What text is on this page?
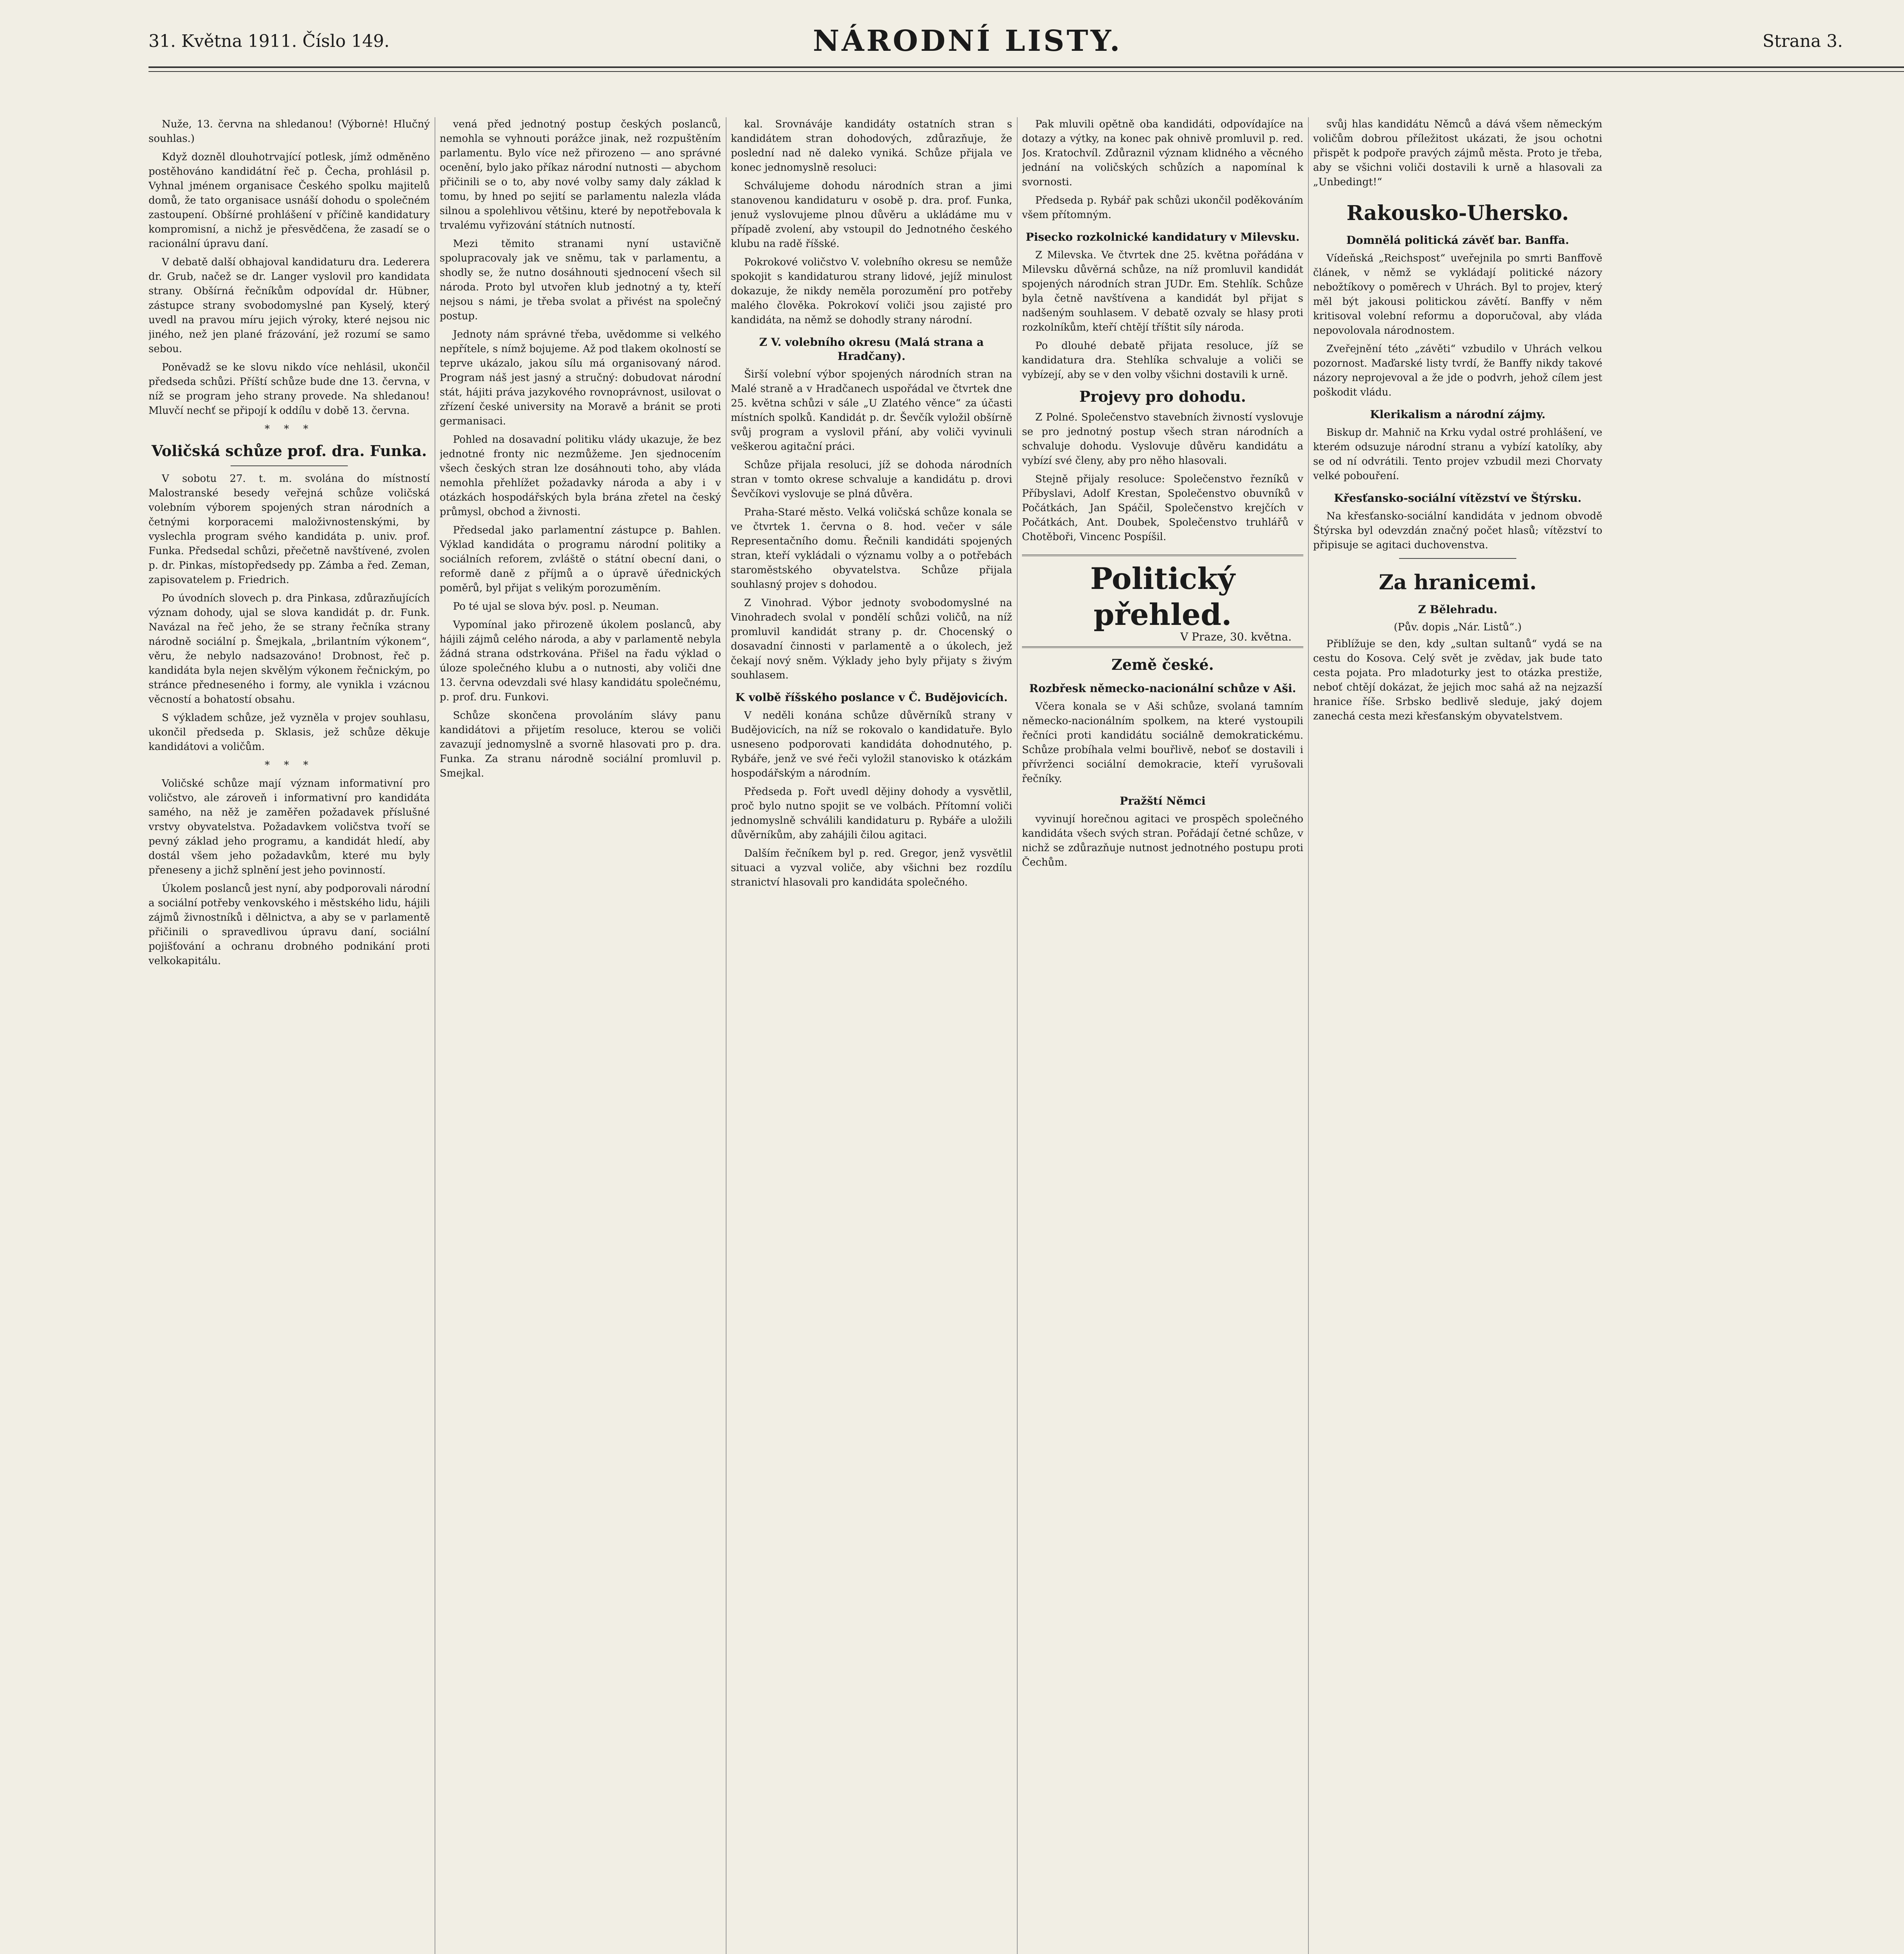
31. Května 1911. Číslo 149.	NÁRODNÍ LISTY.	Strana 3.

Nuže, 13. června na shledanou! (Výbornė! Hlučný souhlas.)

Když dozněl dlouhotrvající potlesk, jímž odměněno postěhováno kandidátní řeč p. Čecha, prohlásil p. Vyhnal jménem organisace Českého spolku majitelů domů, že tato organisace usnáší dohodu o společném zastoupení. Obšírné prohlášení v příčině kandidatury kompromisní, a nichž je přesvědčena, že zasadí se o racionální úpravu daní.

V debatě další obhajoval kandidaturu dra. Lederera dr. Grub, načež se dr. Langer vyslovil pro kandidata strany. Obšírná řečníkům odpovídal dr. Hübner, zástupce strany svobodomyslné pan Kyselý, který uvedl na pravou míru jejich výroky, které nejsou nic jiného, než jen plané frázování, jež rozumí se samo sebou.

Poněvadž se ke slovu nikdo více nehlásil, ukončil předseda schůzi. Příští schůze bude dne 13. června, v níž se program jeho strany provede. Na shledanou! Mluvčí nechť se připojí k oddílu v době 13. června.

* * *
Voličská schůze prof. dra. Funka.

V sobotu 27. t. m. svolána do místností Malostranské besedy veřejná schůze voličská volebním výborem spojených stran národních a četnými korporacemi maloživnostenskými, by vyslechla program svého kandidáta p. univ. prof. Funka. Předsedal schůzi, přečetně navštívené, zvolen p. dr. Pinkas, místopředsedy pp. Zámba a řed. Zeman, zapisovatelem p. Friedrich.

Po úvodních slovech p. dra Pinkasa, zdůrazňujících význam dohody, ujal se slova kandidát p. dr. Funk. Navázal na řeč jeho, že se strany řečníka strany národně sociální p. Šmejkala, „brilantním výkonem“, věru, že nebylo nadsazováno! Drobnost, řeč p. kandidáta byla nejen skvělým výkonem řečnickým, po stránce předneseného i formy, ale vynikla i vzácnou věcností a bohatostí obsahu.

S výkladem schůze, jež vyzněla v projev souhlasu, ukončil předseda p. Sklasis, jež schůze děkuje kandidátovi a voličům.

* * *

Voličské schůze mají význam informativní pro voličstvo, ale zároveň i informativní pro kandidáta samého, na něž je zaměřen požadavek příslušné vrstvy obyvatelstva. Požadavkem voličstva tvoří se pevný základ jeho programu, a kandidát hledí, aby dostál všem jeho požadavkům, které mu byly přeneseny a jichž splnění jest jeho povinností.

Úkolem poslanců jest nyní, aby podporovali národní a sociální potřeby venkovského i městského lidu, hájili zájmů živnostníků i dělnictva, a aby se v parlamentě přičinili o spravedlivou úpravu daní, sociální pojišťování a ochranu drobného podnikání proti velkokapitálu.

vená před jednotný postup českých poslanců, nemohla se vyhnouti porážce jinak, než rozpuštěním parlamentu. Bylo více než přirozeno — ano správné ocenění, bylo jako příkaz národní nutnosti — abychom přičinili se o to, aby nové volby samy daly základ k tomu, by hned po sejití se parlamentu nalezla vláda silnou a spolehlivou většinu, které by nepotřebovala k trvalému vyřizování státních nutností.

Mezi těmito stranami nyní ustavičně spolupracovaly jak ve sněmu, tak v parlamentu, a shodly se, že nutno dosáhnouti sjednocení všech sil národa. Proto byl utvořen klub jednotný a ty, kteří nejsou s námi, je třeba svolat a přivést na společný postup.

Jednoty nám správné třeba, uvědomme si velkého nepřítele, s nímž bojujeme. Až pod tlakem okolností se teprve ukázalo, jakou sílu má organisovaný národ. Program náš jest jasný a stručný: dobudovat národní stát, hájiti práva jazykového rovnoprávnost, usilovat o zřízení české university na Moravě a bránit se proti germanisaci.

Pohled na dosavadní politiku vlády ukazuje, že bez jednotné fronty nic nezmůžeme. Jen sjednocením všech českých stran lze dosáhnouti toho, aby vláda nemohla přehlížet požadavky národa a aby i v otázkách hospodářských byla brána zřetel na český průmysl, obchod a živnosti.

Předsedal jako parlamentní zástupce p. Bahlen. Výklad kandidáta o programu národní politiky a sociálních reforem, zvláště o státní obecní dani, o reformě daně z příjmů a o úpravě úřednických poměrů, byl přijat s velikým porozuměním.

Po té ujal se slova býv. posl. p. Neuman.

Vypomínal jako přirozeně úkolem poslanců, aby hájili zájmů celého národa, a aby v parlamentě nebyla žádná strana odstrkována. Přišel na řadu výklad o úloze společného klubu a o nutnosti, aby voliči dne 13. června odevzdali své hlasy kandidátu společnému, p. prof. dru. Funkovi.

Schůze skončena provoláním slávy panu kandidátovi a přijetím resoluce, kterou se voliči zavazují jednomyslně a svorně hlasovati pro p. dra. Funka. Za stranu národně sociální promluvil p. Smejkal.

kal. Srovnáváje kandidáty ostatních stran s kandidátem stran dohodových, zdůrazňuje, že poslední nad ně daleko vyniká. Schůze přijala ve konec jednomyslně resoluci:

Schválujeme dohodu národních stran a jimi stanovenou kandidaturu v osobě p. dra. prof. Funka, jenuž vyslovujeme plnou důvěru a ukládáme mu v případě zvolení, aby vstoupil do Jednotného českého klubu na radě říšské.

Pokrokové voličstvo V. volebního okresu se nemůže spokojit s kandidaturou strany lidové, jejíž minulost dokazuje, že nikdy neměla porozumění pro potřeby malého člověka. Pokrokoví voliči jsou zajisté pro kandidáta, na němž se dohodly strany národní.

Z V. volebního okresu (Malá strana a Hradčany).

Širší volební výbor spojených národních stran na Malé straně a v Hradčanech uspořádal ve čtvrtek dne 25. května schůzi v sále „U Zlatého věnce“ za účasti místních spolků. Kandidát p. dr. Ševčík vyložil obšírně svůj program a vyslovil přání, aby voliči vyvinuli veškerou agitační práci.

Schůze přijala resoluci, jíž se dohoda národních stran v tomto okrese schvaluje a kandidátu p. drovi Ševčíkovi vyslovuje se plná důvěra.

Praha-Staré město. Velká voličská schůze konala se ve čtvrtek 1. června o 8. hod. večer v sále Representačního domu. Řečnili kandidáti spojených stran, kteří vykládali o významu volby a o potřebách staroměstského obyvatelstva. Schůze přijala souhlasný projev s dohodou.

Z Vinohrad. Výbor jednoty svobodomyslné na Vinohradech svolal v pondělí schůzi voličů, na níž promluvil kandidát strany p. dr. Chocenský o dosavadní činnosti v parlamentě a o úkolech, jež čekají nový sněm. Výklady jeho byly přijaty s živým souhlasem.

K volbě říšského poslance v Č. Budějovicích.

V neděli konána schůze důvěrníků strany v Budějovicích, na níž se rokovalo o kandidatuře. Bylo usneseno podporovati kandidáta dohodnutého, p. Rybáře, jenž ve své řeči vyložil stanovisko k otázkám hospodářským a národním.

Předseda p. Fořt uvedl dějiny dohody a vysvětlil, proč bylo nutno spojit se ve volbách. Přítomní voliči jednomyslně schválili kandidaturu p. Rybáře a uložili důvěrníkům, aby zahájili čilou agitaci.

Dalším řečníkem byl p. red. Gregor, jenž vysvětlil situaci a vyzval voliče, aby všichni bez rozdílu stranictví hlasovali pro kandidáta společného.

Pak mluvili opětně oba kandidáti, odpovídajíce na dotazy a výtky, na konec pak ohnivě promluvil p. red. Jos. Kratochvíl. Zdůraznil význam klidného a věcného jednání na voličských schůzích a napomínal k svornosti.

Předseda p. Rybář pak schůzi ukončil poděkováním všem přítomným.

Pisecko rozkolnické kandidatury v Milevsku.

Z Milevska. Ve čtvrtek dne 25. května pořádána v Milevsku důvěrná schůze, na níž promluvil kandidát spojených národních stran JUDr. Em. Stehlík. Schůze byla četně navštívena a kandidát byl přijat s nadšeným souhlasem. V debatě ozvaly se hlasy proti rozkolníkům, kteří chtějí tříštit síly národa.

Po dlouhé debatě přijata resoluce, jíž se kandidatura dra. Stehlíka schvaluje a voliči se vybízejí, aby se v den volby všichni dostavili k urně.

Projevy pro dohodu.

Z Polné. Společenstvo stavebních živností vyslovuje se pro jednotný postup všech stran národních a schvaluje dohodu. Vyslovuje důvěru kandidátu a vybízí své členy, aby pro něho hlasovali.

Stejně přijaly resoluce: Společenstvo řezníků v Příbyslavi, Adolf Krestan, Společenstvo obuvníků v Počátkách, Jan Spáčil, Společenstvo krejčích v Počátkách, Ant. Doubek, Společenstvo truhlářů v Chotěboři, Vincenc Pospíšil.

Politický přehled.
V Praze, 30. května.
Země české.
Rozbřesk německo-nacionální schůze v Aši.

Včera konala se v Aši schůze, svolaná tamním německo-nacionálním spolkem, na které vystoupili řečníci proti kandidátu sociálně demokratickému. Schůze probíhala velmi bouřlivě, neboť se dostavili i přívrženci sociální demokracie, kteří vyrušovali řečníky.

Pražští Němci

vyvinují horečnou agitaci ve prospěch společného kandidáta všech svých stran. Pořádají četné schůze, v nichž se zdůrazňuje nutnost jednotného postupu proti Čechům.

svůj hlas kandidátu Němců a dává všem německým voličům dobrou příležitost ukázati, že jsou ochotni přispět k podpoře pravých zájmů města. Proto je třeba, aby se všichni voliči dostavili k urně a hlasovali za „Unbedingt!“

Rakousko-Uhersko.
Domnělá politická závěť bar. Banffa.

Vídeňská „Reichspost“ uveřejnila po smrti Banffově článek, v němž se vykládají politické názory nebožtíkovy o poměrech v Uhrách. Byl to projev, který měl být jakousi politickou závětí. Banffy v něm kritisoval volební reformu a doporučoval, aby vláda nepovolovala národnostem.

Zveřejnění této „závěti“ vzbudilo v Uhrách velkou pozornost. Maďarské listy tvrdí, že Banffy nikdy takové názory neprojevoval a že jde o podvrh, jehož cílem jest poškodit vládu.

Klerikalism a národní zájmy.

Biskup dr. Mahnič na Krku vydal ostré prohlášení, ve kterém odsuzuje národní stranu a vybízí katolíky, aby se od ní odvrátili. Tento projev vzbudil mezi Chorvaty velké pobouření.

Křesťansko-sociální vítězství ve Štýrsku.

Na křesťansko-sociální kandidáta v jednom obvodě Štýrska byl odevzdán značný počet hlasů; vítězství to připisuje se agitaci duchovenstva.

Za hranicemi.
Z Bělehradu.
(Pův. dopis „Nár. Listů“.)

Přiblížuje se den, kdy „sultan sultanů“ vydá se na cestu do Kosova. Celý svět je zvědav, jak bude tato cesta pojata. Pro mladoturky jest to otázka prestiže, neboť chtějí dokázat, že jejich moc sahá až na nejzazší hranice říše. Srbsko bedlivě sleduje, jaký dojem zanechá cesta mezi křesťanským obyvatelstvem.
